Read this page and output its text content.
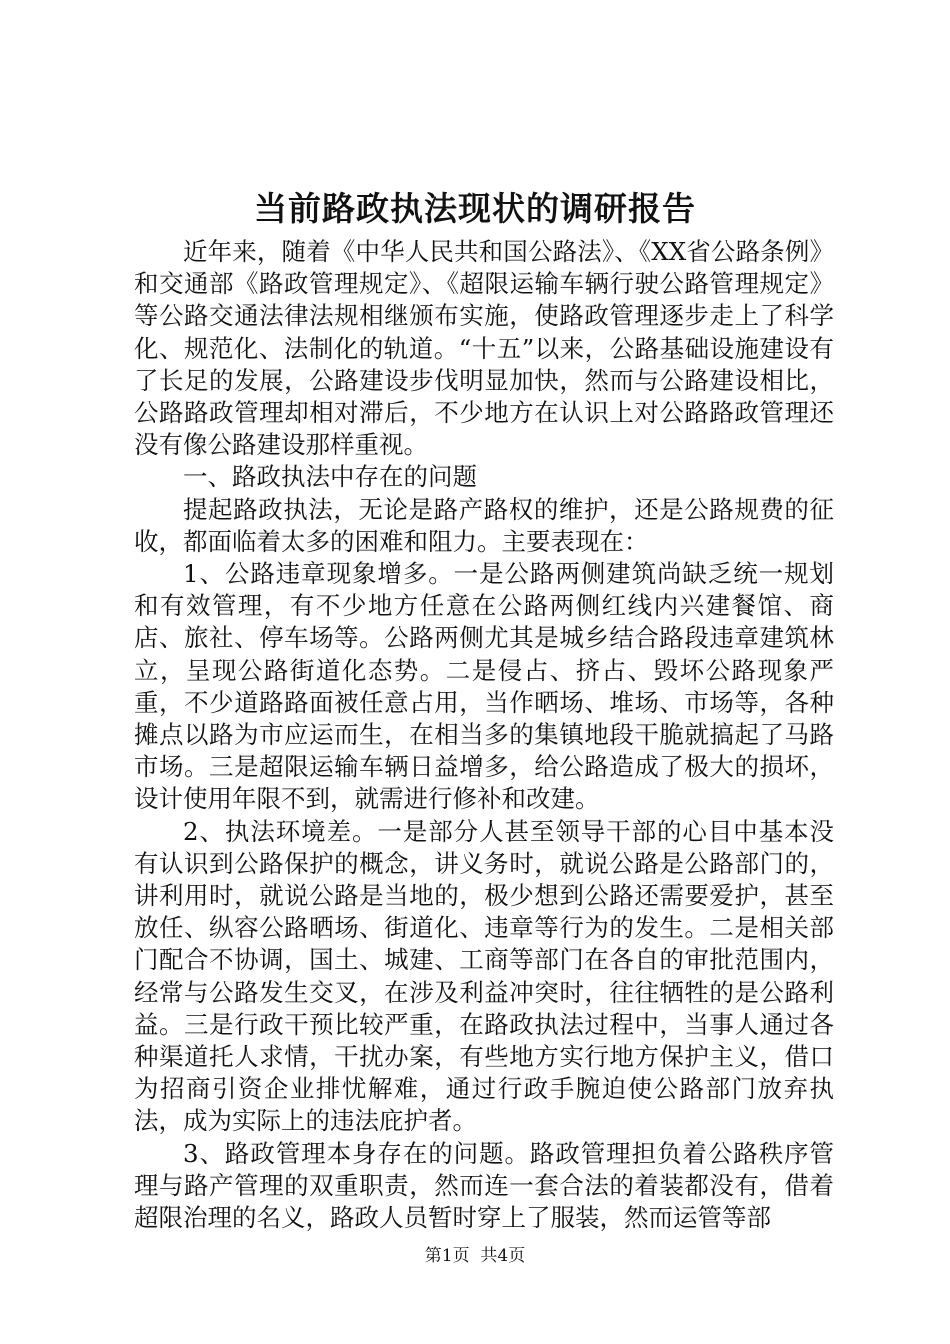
当前路政执法现状的调研报告

近年来，随着《中华人民共和国公路法》、《XX省公路条例》和交通部《路政管理规定》、《超限运输车辆行驶公路管理规定》等公路交通法律法规相继颁布实施，使路政管理逐步走上了科学化、规范化、法制化的轨道。“十五”以来，公路基础设施建设有了长足的发展，公路建设步伐明显加快，然而与公路建设相比，公路路政管理却相对滞后，不少地方在认识上对公路路政管理还没有像公路建设那样重视。

一、路政执法中存在的问题

提起路政执法，无论是路产路权的维护，还是公路规费的征收，都面临着太多的困难和阻力。主要表现在：

1、公路违章现象增多。一是公路两侧建筑尚缺乏统一规划和有效管理，有不少地方任意在公路两侧红线内兴建餐馆、商店、旅社、停车场等。公路两侧尤其是城乡结合路段违章建筑林立，呈现公路街道化态势。二是侵占、挤占、毁坏公路现象严重，不少道路路面被任意占用，当作晒场、堆场、市场等，各种摊点以路为市应运而生，在相当多的集镇地段干脆就搞起了马路市场。三是超限运输车辆日益增多，给公路造成了极大的损坏，设计使用年限不到，就需进行修补和改建。

2、执法环境差。一是部分人甚至领导干部的心目中基本没有认识到公路保护的概念，讲义务时，就说公路是公路部门的，讲利用时，就说公路是当地的，极少想到公路还需要爱护，甚至放任、纵容公路晒场、街道化、违章等行为的发生。二是相关部门配合不协调，国土、城建、工商等部门在各自的审批范围内，经常与公路发生交叉，在涉及利益冲突时，往往牺牲的是公路利益。三是行政干预比较严重，在路政执法过程中，当事人通过各种渠道托人求情，干扰办案，有些地方实行地方保护主义，借口为招商引资企业排忧解难，通过行政手腕迫使公路部门放弃执法，成为实际上的违法庇护者。

3、路政管理本身存在的问题。路政管理担负着公路秩序管理与路产管理的双重职责，然而连一套合法的着装都没有，借着超限治理的名义，路政人员暂时穿上了服装，然而运管等部

第1页  共4页
